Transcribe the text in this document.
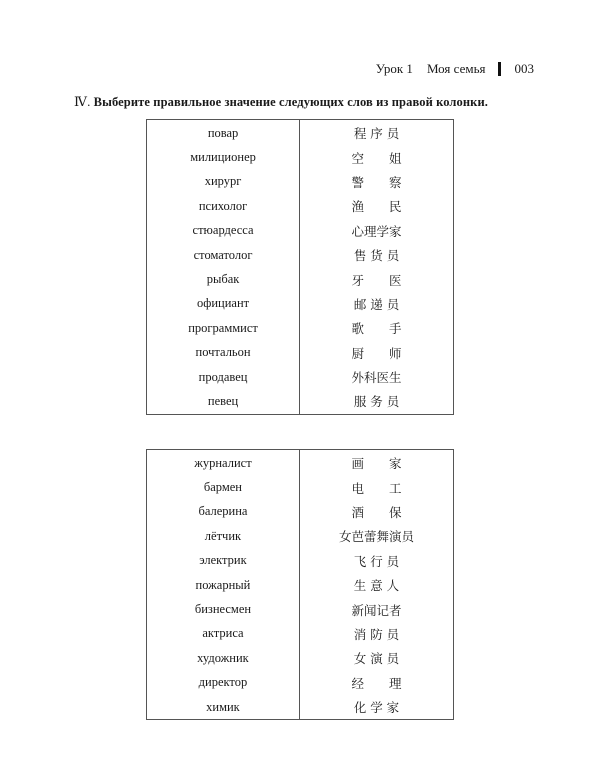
Урок 1 Моя семья 003
Ⅳ. Выберите правильное значение следующих слов из правой колонки.
повар	程 序 员
милиционер	空　　姐
хирург	警　　察
психолог	渔　　民
стюардесса	心理学家
стоматолог	售 货 员
рыбак	牙　　医
официант	邮 递 员
программист	歌　　手
почтальон	厨　　师
продавец	外科医生
певец	服 务 员
журналист	画　　家
бармен	电　　工
балерина	酒　　保
лётчик	女芭蕾舞演员
электрик	飞 行 员
пожарный	生 意 人
бизнесмен	新闻记者
актриса	消 防 员
художник	女 演 员
директор	经　　理
химик	化 学 家
